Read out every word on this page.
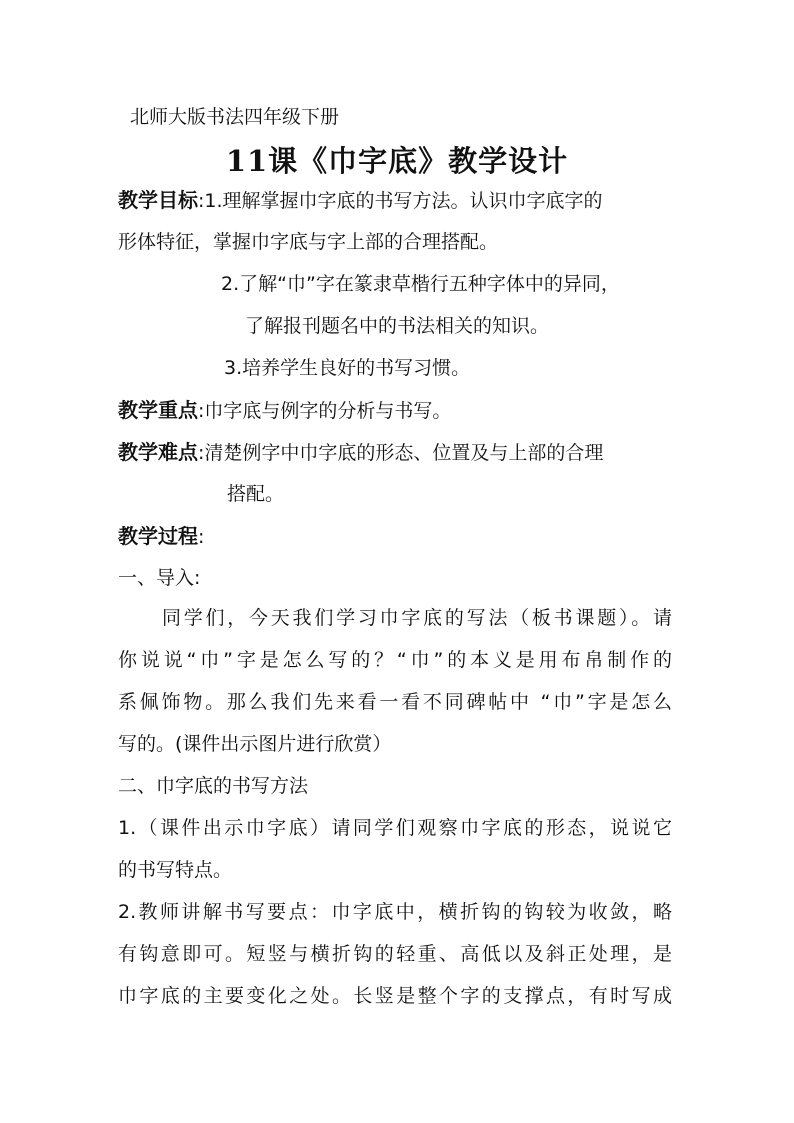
北师大版书法四年级下册
11课《巾字底》教学设计
教学目标:1.理解掌握巾字底的书写方法。认识巾字底字的
形体特征，掌握巾字底与字上部的合理搭配。
2.了解“巾”字在篆隶草楷行五种字体中的异同，
了解报刊题名中的书法相关的知识。
3.培养学生良好的书写习惯。
教学重点:巾字底与例字的分析与书写。
教学难点:清楚例字中巾字底的形态、位置及与上部的合理
搭配。
教学过程:
一、导入:
同学们，今天我们学习巾字底的写法（板书课题）。请
你说说“巾”字是怎么写的？“巾”的本义是用布帛制作的
系佩饰物。那么我们先来看一看不同碑帖中 “巾”字是怎么
写的。(课件出示图片进行欣赏）
二、巾字底的书写方法
1.（课件出示巾字底）请同学们观察巾字底的形态，说说它
的书写特点。
2.教师讲解书写要点：巾字底中，横折钩的钩较为收敛，略
有钩意即可。短竖与横折钩的轻重、高低以及斜正处理，是
巾字底的主要变化之处。长竖是整个字的支撑点，有时写成
